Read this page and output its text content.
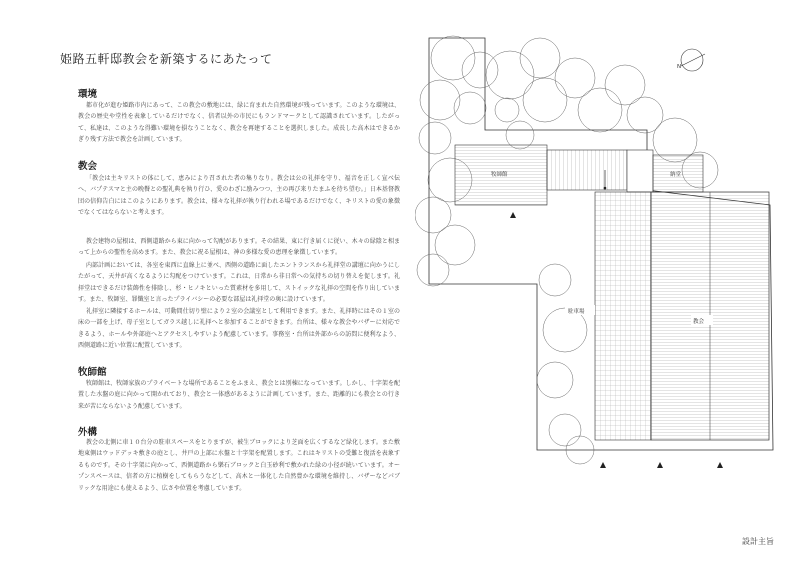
姫路五軒邸教会を新築するにあたって
環境

都市化が進む姫路市内にあって、この教会の敷地には、緑に育まれた自然環境が残っています。このような環境は、教会の歴史や堂性を表象しているだけでなく、信者以外の市民にもランドマークとして認識されています。したがって、私達は、このような得難い環境を損なうことなく、教会を再建することを選択しました。成長した高木はできるかぎり残す方法で教会を計画しています。

教会

「教会は主キリストの体にして、恵みにより召された者の集りなり。教会は公の礼拝を守り、福音を正しく宣べ伝へ、バプテスマと主の晩餐との聖礼典を執り行ひ、愛のわざに励みつつ、主の再び来りたまふを待ち望む。」日本基督教団の信仰告白にはこのようにあります。教会は、様々な礼拝が執り行われる場であるだけでなく、キリストの愛の象徴でなくてはならないと考えます。

教会建物の屋根は、西側道路から東に向かって勾配があります。その結果、東に行き届くに従い、木々の緑陰と相まって上からの聖性を高めます。また、教会に祝る屋根は、神の多様な愛の恵理を象徴しています。

内部計画においては、各室を東西に直線上に並べ、西側の道路に面したエントランスから礼拝堂の講壇に向かうにしたがって、天井が高くなるように勾配をつけています。これは、日常から非日常への気持ちの切り替えを促します。礼拝堂はできるだけ装飾性を排除し、杉・ヒノキといった質素材を多用して、ストイックな礼拝の空間を作り出しています。また、牧師室、罪懺室と言ったプライバシーの必要な部屋は礼拝堂の奥に設けています。

礼拝室に隣接するホールは、可動間仕切り壁により２室の会議室として利用できます。また、礼拝時にはその１室の床の一部を上げ、母子室としてガラス越しに礼拝へと参加することができます。台所は、様々な教会やバザーに対応できるよう、ホールや外部庭へとアクセスしやすいよう配慮しています。事務室・台所は外部からの訪問に便利なよう、西側道路に近い位置に配置しています。

牧師館

牧師館は、牧師家族のプライベートな場所であることをふまえ、教会とは別棟になっています。しかし、十字架を配置した水盤の庭に向かって開かれており、教会と一体感があるように計画しています。また、距離的にも教会との行き来が苦にならないよう配慮しています。

外構

教会の北側に車１０台分の駐車スペースをとりますが、被生ブロックにより芝面を広くするなど緑化します。また敷地東側はウッドデッキ敷きの庭とし、井戸の上部に水盤と十字架を配置します。これはキリストの受難と復活を表象するものです。その十字架に向かって、西側道路から樂石ブロックと白玉砂利で敷かれた緑の小径が続いています。オープンスペースは、信者の方に植樹をしてもらうなどして、高木と一体化した自然豊かな環境を維持し、バザーなどパブリックな用途にも使えるよう、広さや位置を考慮しています。

設計主旨
N
牧師館	納堂
駐車場
教会
